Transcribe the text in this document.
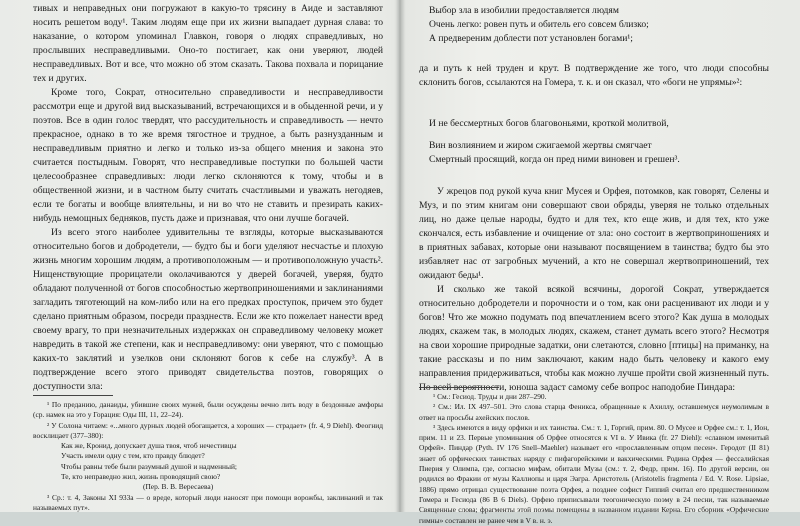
тивых и неправедных они погружают в какую-то трясину в Аиде и заставляют носить решетом воду¹. Таким людям еще при их жизни выпадает дурная слава: то наказание, о котором упоминал Главкон, говоря о людях справедливых, но прослывших несправедливыми. Оно-то постигает, как они уверяют, людей несправедливых. Вот и все, что можно об этом сказать. Такова похвала и порицание тех и других.

Кроме того, Сократ, относительно справедливости и несправедливости рассмотри еще и другой вид высказываний, встречающихся и в обыденной речи, и у поэтов. Все в один голос твердят, что рассудительность и справедливость — нечто прекрасное, однако в то же время тягостное и трудное, а быть разнузданным и несправедливым приятно и легко и только из-за общего мнения и закона это считается постыдным. Говорят, что несправедливые поступки по большей части целесообразнее справедливых: люди легко склоняются к тому, чтобы и в общественной жизни, и в частном быту считать счастливыми и уважать негодяев, если те богаты и вообще влиятельны, и ни во что не ставить и презирать каких-нибудь немощных бедняков, пусть даже и признавая, что они лучше богачей.

Из всего этого наиболее удивительны те взгляды, которые высказываются относительно богов и добродетели, — будто бы и боги уделяют несчастье и плохую жизнь многим хорошим людям, а противоположным — и противоположную участь². Нищенствующие прорицатели околачиваются у дверей богачей, уверяя, будто обладают полученной от богов способностью жертвоприношениями и заклинаниями загладить тяготеющий на ком-либо или на его предках проступок, причем это будет сделано приятным образом, посреди празднеств. Если же кто пожелает нанести вред своему врагу, то при незначительных издержках он справедливому человеку может навредить в такой же степени, как и несправедливому: они уверяют, что с помощью каких-то заклятий и узелков они склоняют богов к себе на службу³. А в подтверждение всего этого приводят свидетельства поэтов, говорящих о доступности зла:

¹ По преданию, данаиды, убившие своих мужей, были осуждены вечно лить воду в бездонные амфоры (ср. намек на это у Горация: Оды III, 11, 22–24).

² У Солона читаем: «...много дурных людей обогащается, а хороших — страдает» (fr. 4, 9 Diehl). Феогнид восклицает (377–380):

Как же, Кронид, допускает душа твоя, чтоб нечестивцы

Участь имели одну с тем, кто правду блюдет?

Чтобы равны тебе были разумный душой и надменный;

Те, кто неправедно жил, жизнь проводящий свою?

(Пер. В. В. Вересаева)

³ Ср.: т. 4, Законы XI 933a — о вреде, который люди наносят при помощи ворожбы, заклинаний и так называемых пут».

Выбор зла в изобилии предоставляется людям
Очень легко: ровен путь и обитель его совсем близко;
А предвереним доблести пот установлен богами¹;

да и путь к ней труден и крут. В подтверждение же того, что люди способны склонить богов, ссылаются на Гомера, т. к. и он сказал, что «боги не упрямы»²:

И не бессмертных богов благовоньями, кроткой молитвой,
Вин возлиянием и жиром сжигаемой жертвы смягчает
Смертный просящий, когда он пред ними виновен и грешен³.

У жрецов под рукой куча книг Мусея и Орфея, потомков, как говорят, Селены и Муз, и по этим книгам они совершают свои обряды, уверяя не только отдельных лиц, но даже целые народы, будто и для тех, кто еще жив, и для тех, кто уже скончался, есть избавление и очищение от зла: оно состоит в жертвоприношениях и в приятных забавах, которые они называют посвящением в таинства; будто бы это избавляет нас от загробных мучений, а кто не совершал жертвоприношений, тех ожидают беды¹.

И сколько же такой всякой всячины, дорогой Сократ, утверждается относительно добродетели и порочности и о том, как они расценивают их люди и у богов! Что же можно подумать под впечатлением всего этого? Как душа в молодых людях, скажем так, в молодых людях, скажем, станет думать всего этого? Несмотря на свои хорошие природные задатки, они слетаются, словно [птицы] на приманку, на такие рассказы и по ним заключают, каким надо быть человеку и какого ему направления придерживаться, чтобы как можно лучше пройти свой жизненный путь. По всей вероятности, юноша задаст самому себе вопрос наподобие Пиндара:

¹ См.: Гесиод. Труды и дни 287–290.

² См.: Ил. IX 497–501. Это слова старца Феникса, обращенные к Ахиллу, оставшемуся неумолимым в ответ на просьбы ахейских послов.

³ Здесь имеются в виду орфики и их таинства. См.: т. 1, Горгий, прим. 80. О Мусее и Орфее см.: т. 1, Ион, прим. 11 и 23. Первые упоминания об Орфее относятся к VI в. У Ивика (fr. 27 Diehl): «славном именитый Орфей». Пиндар (Pyth. IV 176 Snell–Maehler) называет его «прославленным отцом песен». Геродот (II 81) знает об орфических таинствах наряду с пифагорейскими и вакхическими. Родина Орфея — фессалийская Пиерия у Олимпа, где, согласно мифам, обитали Музы (см.: т. 2, Федр, прим. 16). По другой версии, он родился во Фракии от музы Каллиопы и царя Эагра. Аристотель (Aristotelis fragmenta / Ed. V. Rose. Lipsiae, 1886) прямо отрицал существование поэта Орфея, а позднее софист Гиппий считал его предшественником Гомера и Гесиода (86 B 6 Diels). Орфею приписывали теогоническую поэму в 24 песни, так называемые Священные слова; фрагменты этой поэмы помещены в названном издании Керна. Его сборник «Орфические гимны» составлен не ранее чем в V в. н. э.
